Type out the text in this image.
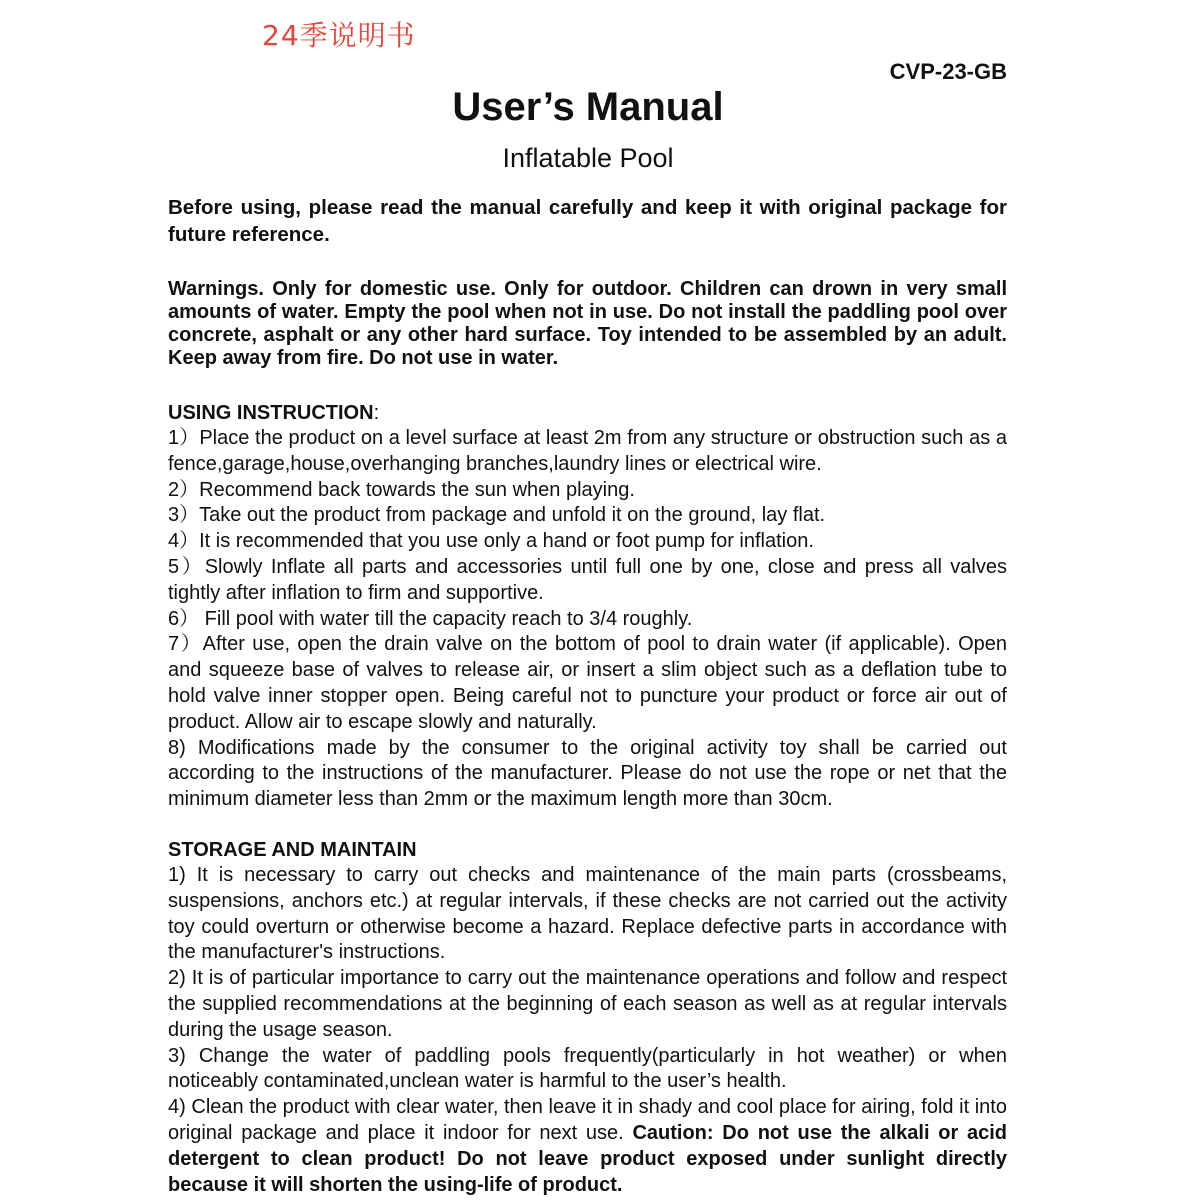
24季说明书
CVP-23-GB
User’s Manual
Inflatable Pool

Before using, please read the manual carefully and keep it with original package for future reference.

Warnings. Only for domestic use. Only for outdoor. Children can drown in very small amounts of water. Empty the pool when not in use. Do not install the paddling pool over concrete, asphalt or any other hard surface. Toy intended to be assembled by an adult. Keep away from fire. Do not use in water.

USING INSTRUCTION:

1）Place the product on a level surface at least 2m from any structure or obstruction such as a fence,garage,house,overhanging branches,laundry lines or electrical wire.

2）Recommend back towards the sun when playing.

3）Take out the product from package and unfold it on the ground, lay flat.

4）It is recommended that you use only a hand or foot pump for inflation.

5）Slowly Inflate all parts and accessories until full one by one, close and press all valves tightly after inflation to firm and supportive.

6） Fill pool with water till the capacity reach to 3/4 roughly.

7）After use, open the drain valve on the bottom of pool to drain water (if applicable). Open and squeeze base of valves to release air, or insert a slim object such as a deflation tube to hold valve inner stopper open. Being careful not to puncture your product or force air out of product. Allow air to escape slowly and naturally.

8) Modifications made by the consumer to the original activity toy shall be carried out according to the instructions of the manufacturer. Please do not use the rope or net that the minimum diameter less than 2mm or the maximum length more than 30cm.

STORAGE AND MAINTAIN

1) It is necessary to carry out checks and maintenance of the main parts (crossbeams, suspensions, anchors etc.) at regular intervals, if these checks are not carried out the activity toy could overturn or otherwise become a hazard. Replace defective parts in accordance with the manufacturer's instructions.

2) It is of particular importance to carry out the maintenance operations and follow and respect the supplied recommendations at the beginning of each season as well as at regular intervals during the usage season.

3) Change the water of paddling pools frequently(particularly in hot weather) or when noticeably contaminated,unclean water is harmful to the user’s health.

4) Clean the product with clear water, then leave it in shady and cool place for airing, fold it into original package and place it indoor for next use. Caution: Do not use the alkali or acid detergent to clean product! Do not leave product exposed under sunlight directly because it will shorten the using-life of product.
